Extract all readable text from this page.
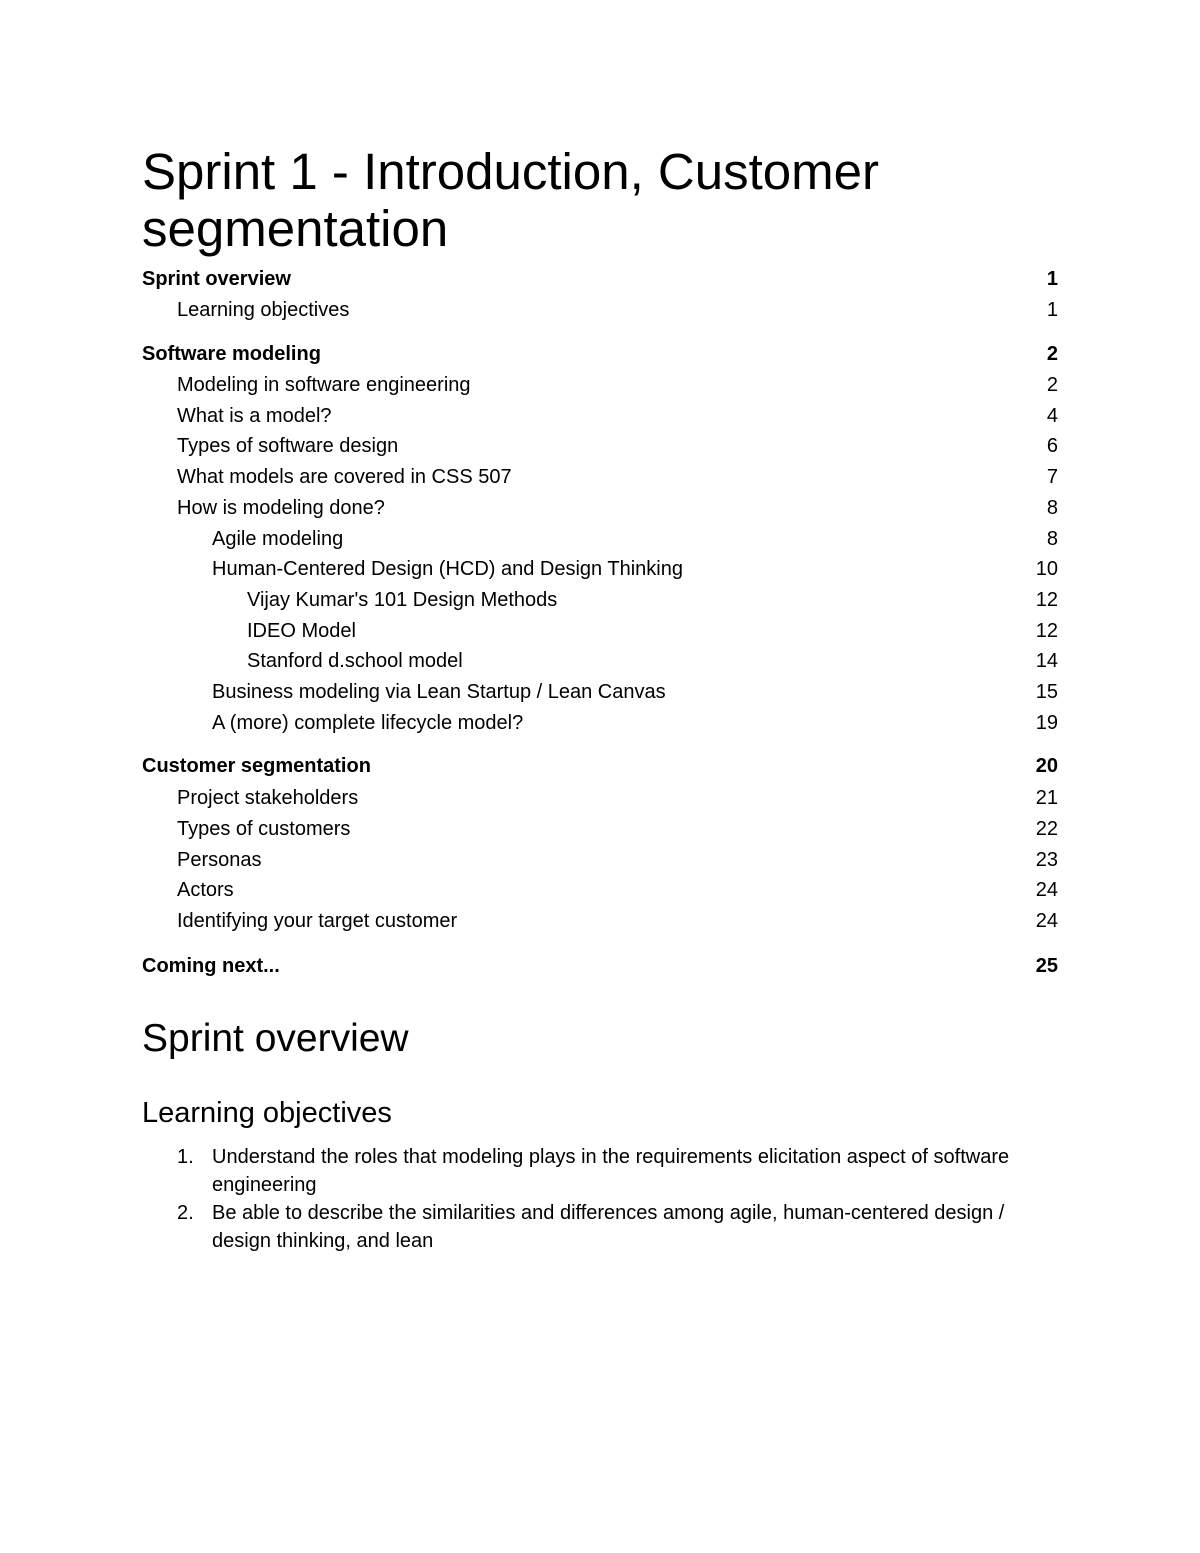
Sprint 1 - Introduction, Customer segmentation
Sprint overview	1
Learning objectives	1
Software modeling	2
Modeling in software engineering	2
What is a model?	4
Types of software design	6
What models are covered in CSS 507	7
How is modeling done?	8
Agile modeling	8
Human-Centered Design (HCD) and Design Thinking	10
Vijay Kumar's 101 Design Methods	12
IDEO Model	12
Stanford d.school model	14
Business modeling via Lean Startup / Lean Canvas	15
A (more) complete lifecycle model?	19
Customer segmentation	20
Project stakeholders	21
Types of customers	22
Personas	23
Actors	24
Identifying your target customer	24
Coming next...	25
Sprint overview
Learning objectives
1. Understand the roles that modeling plays in the requirements elicitation aspect of software engineering
2. Be able to describe the similarities and differences among agile, human-centered design / design thinking, and lean
